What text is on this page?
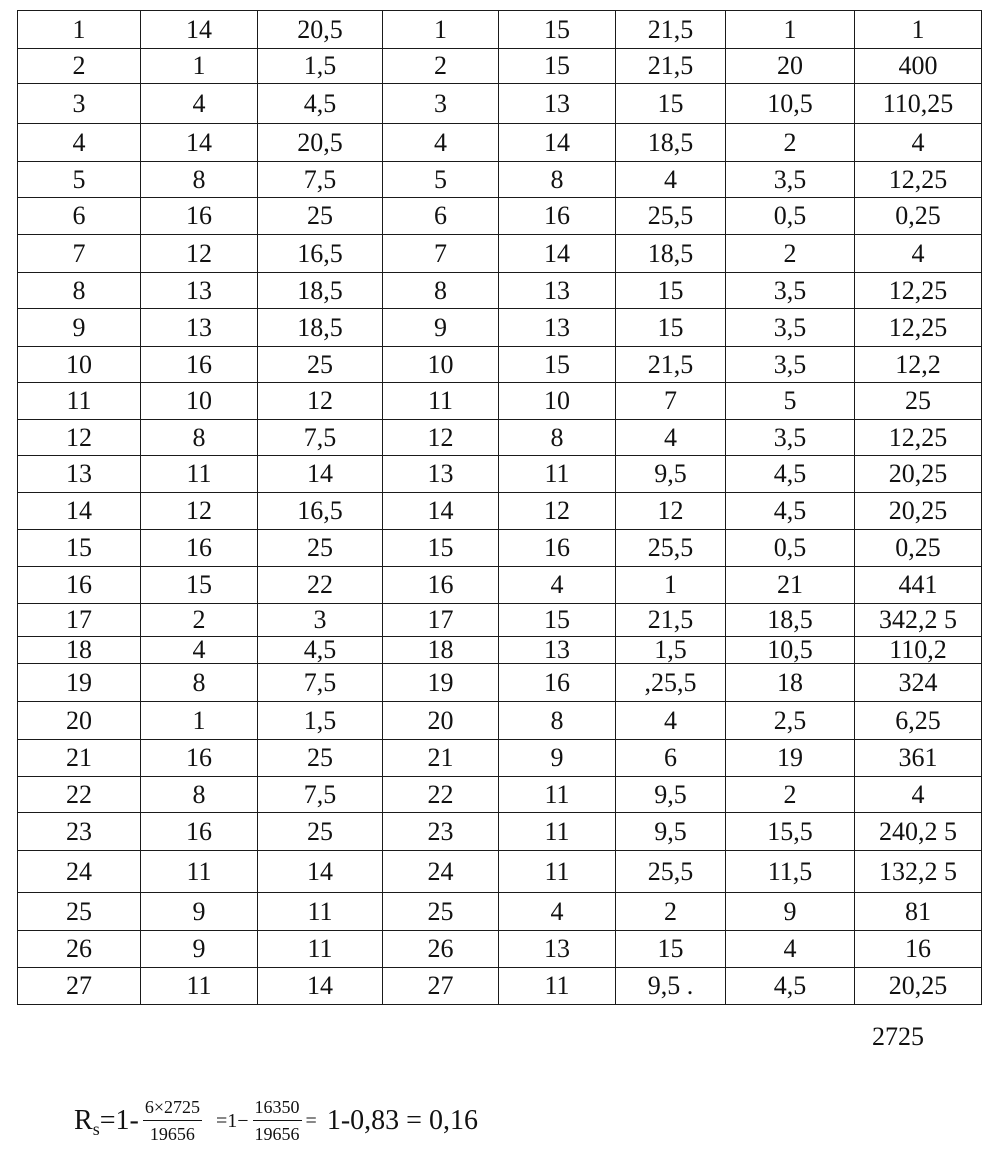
1	14	20,5	1	15	21,5	1	1
2	1	1,5	2	15	21,5	20	400
3	4	4,5	3	13	15	10,5	110,25
4	14	20,5	4	14	18,5	2	4
5	8	7,5	5	8	4	3,5	12,25
6	16	25	6	16	25,5	0,5	0,25
7	12	16,5	7	14	18,5	2	4
8	13	18,5	8	13	15	3,5	12,25
9	13	18,5	9	13	15	3,5	12,25
10	16	25	10	15	21,5	3,5	12,2
11	10	12	11	10	7	5	25
12	8	7,5	12	8	4	3,5	12,25
13	11	14	13	11	9,5	4,5	20,25
14	12	16,5	14	12	12	4,5	20,25
15	16	25	15	16	25,5	0,5	0,25
16	15	22	16	4	1	21	441
17	2	3	17	15	21,5	18,5	342,2 5
18	4	4,5	18	13	1,5	10,5	110,2
19	8	7,5	19	16	,25,5	18	324
20	1	1,5	20	8	4	2,5	6,25
21	16	25	21	9	6	19	361
22	8	7,5	22	11	9,5	2	4
23	16	25	23	11	9,5	15,5	240,2 5
24	11	14	24	11	25,5	11,5	132,2 5
25	9	11	25	4	2	9	81
26	9	11	26	13	15	4	16
27	11	14	27	11	9,5 .	4,5	20,25
2725
R $s =1- \frac{6\times 2725}{19656} =1- \frac{16350}{19656} = 1-0,83 = 0,16$
